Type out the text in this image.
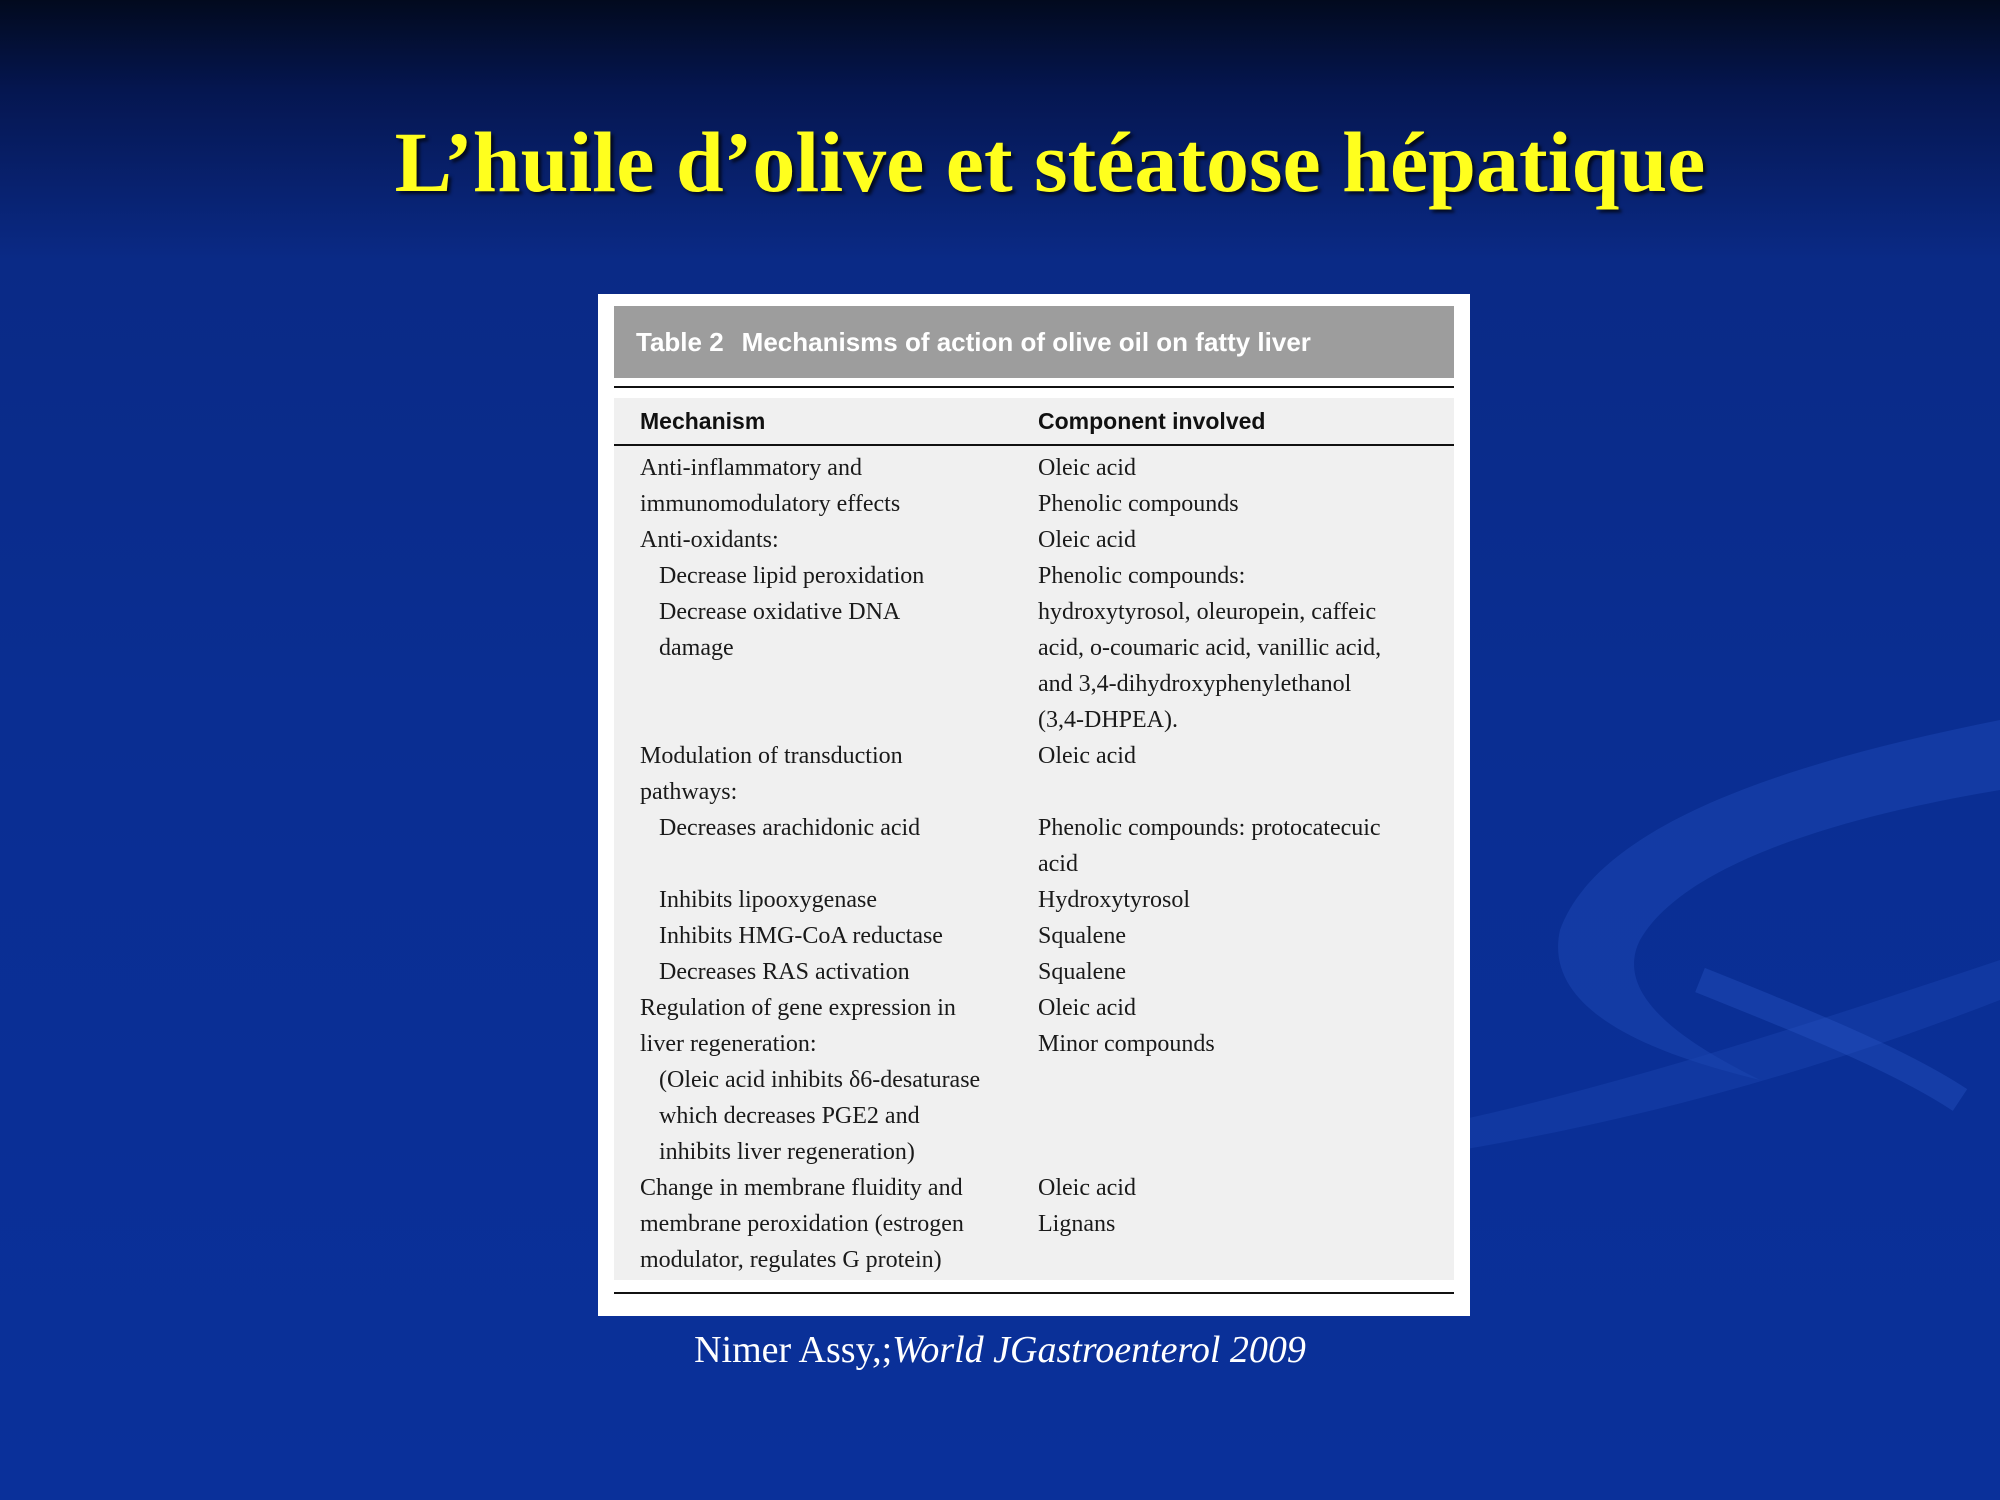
L’huile d’olive et stéatose hépatique
Table 2 Mechanisms of action of olive oil on fatty liver
Mechanism	Component involved
Anti-inflammatory and
immunomodulatory effects
Anti-oxidants:
Decrease lipid peroxidation
Decrease oxidative DNA
damage
Modulation of transduction
pathways:
Decreases arachidonic acid
Inhibits lipooxygenase
Inhibits HMG-CoA reductase
Decreases RAS activation
Regulation of gene expression in
liver regeneration:
(Oleic acid inhibits δ6-desaturase
which decreases PGE2 and
inhibits liver regeneration)
Change in membrane fluidity and
membrane peroxidation (estrogen
modulator, regulates G protein)
Oleic acid
Phenolic compounds
Oleic acid
Phenolic compounds:
hydroxytyrosol, oleuropein, caffeic
acid, o-coumaric acid, vanillic acid,
and 3,4-dihydroxyphenylethanol
(3,4-DHPEA).
Oleic acid
Phenolic compounds: protocatecuic
acid
Hydroxytyrosol
Squalene
Squalene
Oleic acid
Minor compounds
Oleic acid
Lignans
Nimer Assy,;World JGastroenterol 2009
